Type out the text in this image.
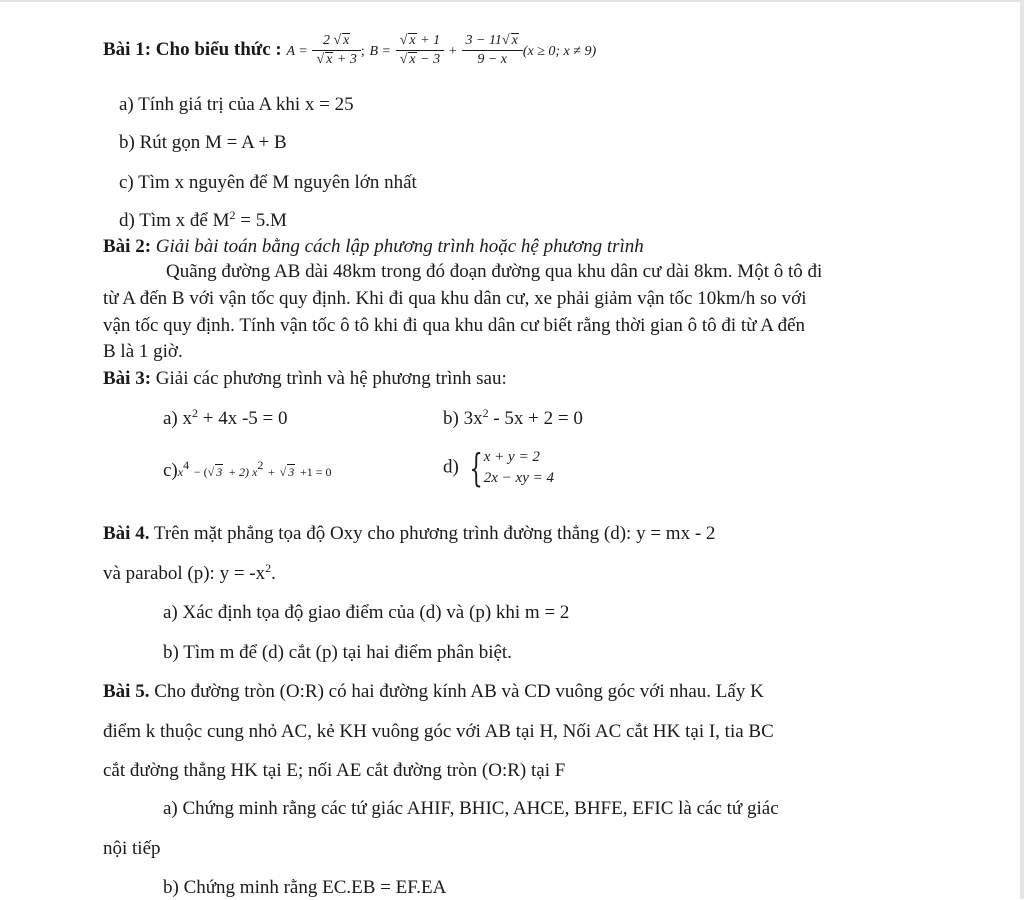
Bài 1: Cho biểu thức : $A = \frac{2 √ x}{√ x + 3}$ ; $B = \frac{√ x + 1}{√ x - 3} + \frac{3 - 11√ x}{9 - x} (x \ge 0$; x ≠ 9)
a) Tính giá trị của A khi x = 25
b) Rút gọn M = A + B
c) Tìm x nguyên để M nguyên lớn nhất
d) Tìm x để $M^2 = 5.M$
Bài 2: Giải bài toán bằng cách lập phương trình hoặc hệ phương trình
Quãng đường AB dài 48km trong đó đoạn đường qua khu dân cư dài 8km. Một ô tô đi
từ A đến B với vận tốc quy định. Khi đi qua khu dân cư, xe phải giảm vận tốc 10km/h so với
vận tốc quy định. Tính vận tốc ô tô khi đi qua khu dân cư biết rằng thời gian ô tô đi từ A đến
B là 1 giờ.
Bài 3: Giải các phương trình và hệ phương trình sau:
a) $x^2 + 4x$ -5 = 0	b) $3x^2 - 5x + 2 = 0$
$c)x^4$ − (√ 3 + 2) $x^2$ + √ 3 +1 = 0	d) { x + y = 2
2x − xy = 4
Bài 4. Trên mặt phẳng tọa độ Oxy cho phương trình đường thẳng (d): y = mx - 2
và parabol (p): $y = -x^2$.
a) Xác định tọa độ giao điểm của (d) và (p) khi m = 2
b) Tìm m để (d) cắt (p) tại hai điểm phân biệt.
Bài 5. Cho đường tròn (O:R) có hai đường kính AB và CD vuông góc với nhau. Lấy K
điểm k thuộc cung nhỏ AC, kẻ KH vuông góc với AB tại H, Nối AC cắt HK tại I, tia BC
cắt đường thẳng HK tại E; nối AE cắt đường tròn (O:R) tại F
a) Chứng minh rằng các tứ giác AHIF, BHIC, AHCE, BHFE, EFIC là các tứ giác
nội tiếp
b) Chứng minh rằng EC.EB = EF.EA
